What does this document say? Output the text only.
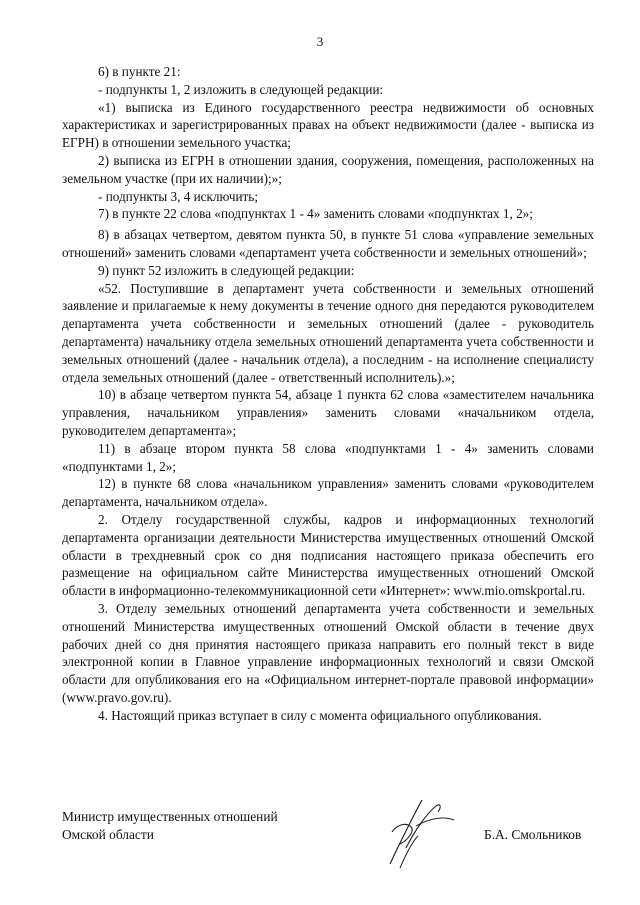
3

6) в пункте 21:

- подпункты 1, 2 изложить в следующей редакции:

«1) выписка из Единого государственного реестра недвижимости об основных характеристиках и зарегистрированных правах на объект недвижимости (далее - выписка из ЕГРН) в отношении земельного участка;

2) выписка из ЕГРН в отношении здания, сооружения, помещения, расположенных на земельном участке (при их наличии);»;

- подпункты 3, 4 исключить;

7) в пункте 22 слова «подпунктах 1 - 4» заменить словами «подпунктах 1, 2»;

8) в абзацах четвертом, девятом пункта 50, в пункте 51 слова «управление земельных отношений» заменить словами «департамент учета собственности и земельных отношений»;

9) пункт 52 изложить в следующей редакции:

«52. Поступившие в департамент учета собственности и земельных отношений заявление и прилагаемые к нему документы в течение одного дня передаются руководителем департамента учета собственности и земельных отношений (далее - руководитель департамента) начальнику отдела земельных отношений департамента учета собственности и земельных отношений (далее - начальник отдела), а последним - на исполнение специалисту отдела земельных отношений (далее - ответственный исполнитель).»;

10) в абзаце четвертом пункта 54, абзаце 1 пункта 62 слова «заместителем начальника управления, начальником управления» заменить словами «начальником отдела, руководителем департамента»;

11) в абзаце втором пункта 58 слова «подпунктами 1 - 4» заменить словами «подпунктами 1, 2»;

12) в пункте 68 слова «начальником управления» заменить словами «руководителем департамента, начальником отдела».

2. Отделу государственной службы, кадров и информационных технологий департамента организации деятельности Министерства имущественных отношений Омской области в трехдневный срок со дня подписания настоящего приказа обеспечить его размещение на официальном сайте Министерства имущественных отношений Омской области в информационно-телекоммуникационной сети «Интернет»: www.mio.omskportal.ru.

3. Отделу земельных отношений департамента учета собственности и земельных отношений Министерства имущественных отношений Омской области в течение двух рабочих дней со дня принятия настоящего приказа направить его полный текст в виде электронной копии в Главное управление информационных технологий и связи Омской области для опубликования его на «Официальном интернет-портале правовой информации» (www.pravo.gov.ru).

4. Настоящий приказ вступает в силу с момента официального опубликования.

Министр имущественных отношений
Омской области	Б.А. Смольников
